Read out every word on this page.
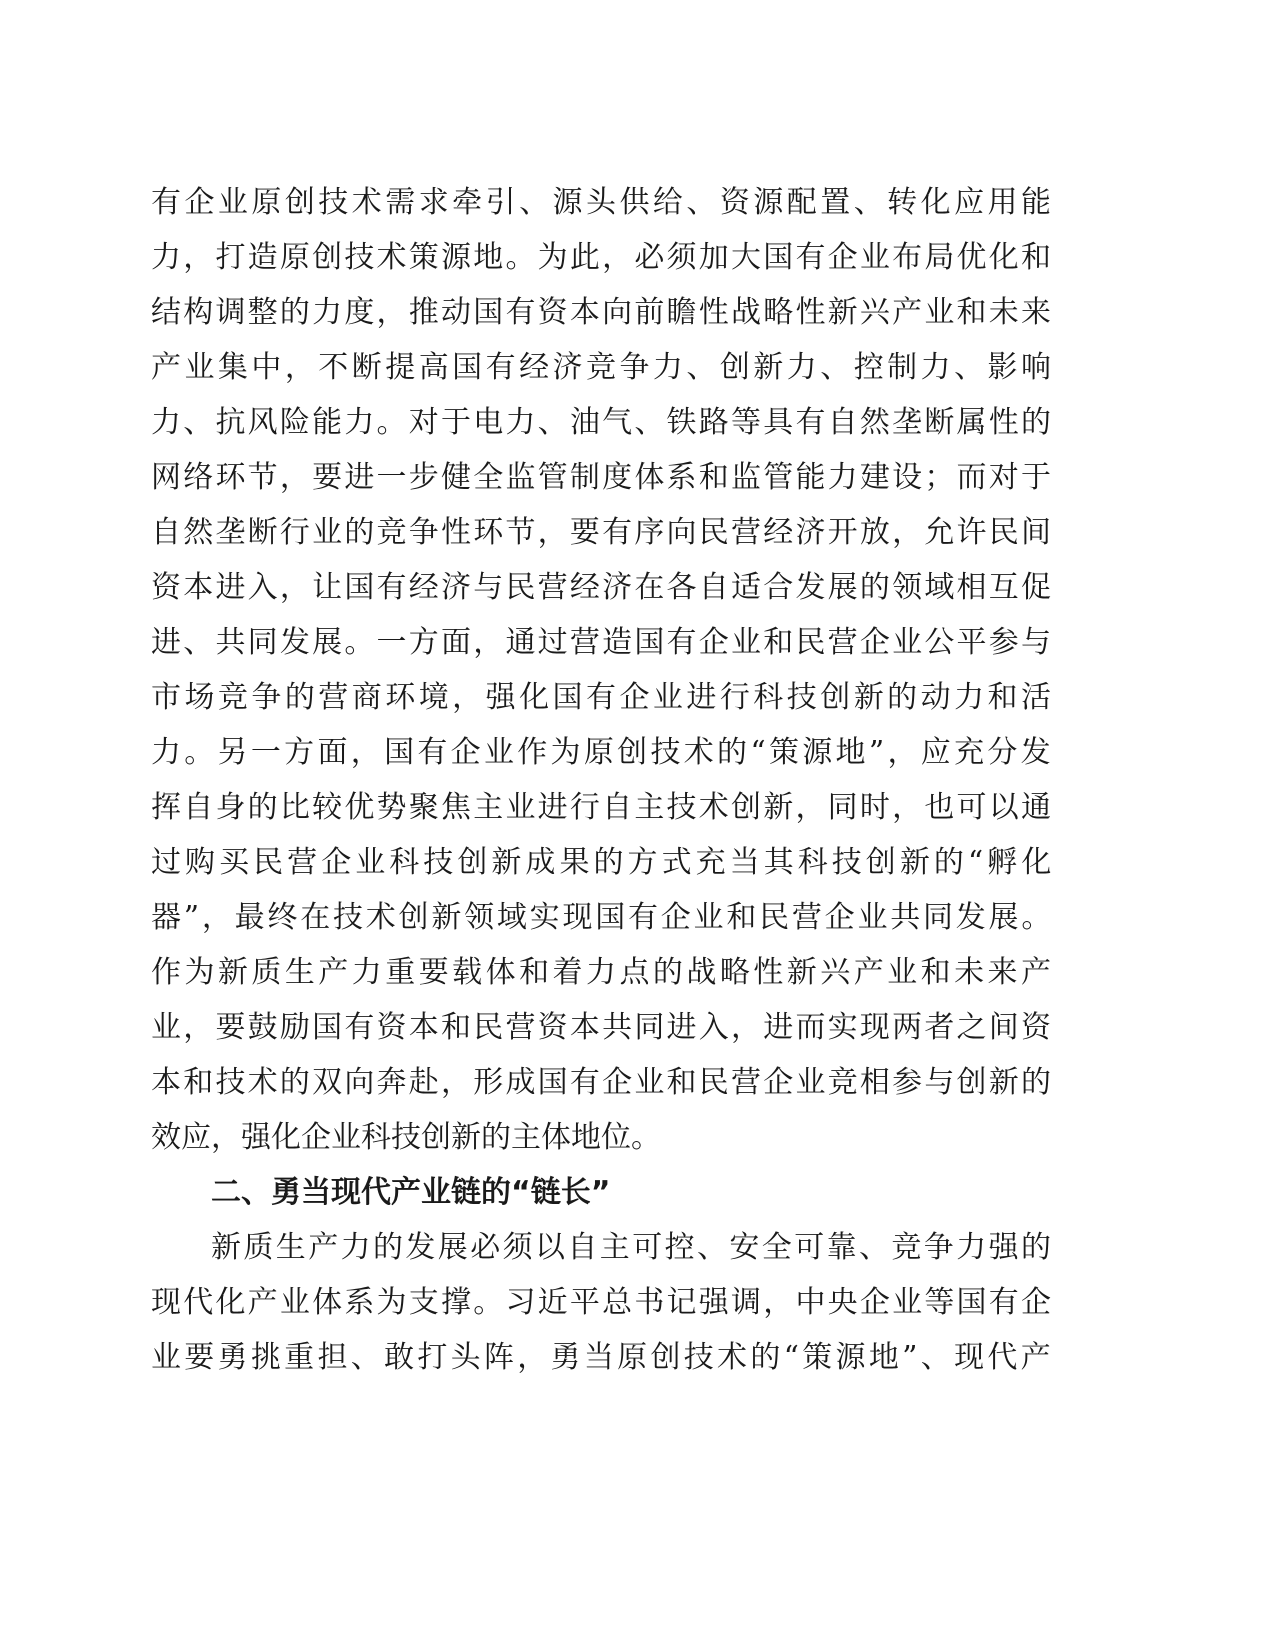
有企业原创技术需求牵引、源头供给、资源配置、转化应用能
力，打造原创技术策源地。为此，必须加大国有企业布局优化和
结构调整的力度，推动国有资本向前瞻性战略性新兴产业和未来
产业集中，不断提高国有经济竞争力、创新力、控制力、影响
力、抗风险能力。对于电力、油气、铁路等具有自然垄断属性的
网络环节，要进一步健全监管制度体系和监管能力建设；而对于
自然垄断行业的竞争性环节，要有序向民营经济开放，允许民间
资本进入，让国有经济与民营经济在各自适合发展的领域相互促
进、共同发展。一方面，通过营造国有企业和民营企业公平参与
市场竞争的营商环境，强化国有企业进行科技创新的动力和活
力。另一方面，国有企业作为原创技术的“策源地”，应充分发
挥自身的比较优势聚焦主业进行自主技术创新，同时，也可以通
过购买民营企业科技创新成果的方式充当其科技创新的“孵化
器”，最终在技术创新领域实现国有企业和民营企业共同发展。
作为新质生产力重要载体和着力点的战略性新兴产业和未来产
业，要鼓励国有资本和民营资本共同进入，进而实现两者之间资
本和技术的双向奔赴，形成国有企业和民营企业竞相参与创新的
效应，强化企业科技创新的主体地位。
二、勇当现代产业链的“链长”
新质生产力的发展必须以自主可控、安全可靠、竞争力强的
现代化产业体系为支撑。习近平总书记强调，中央企业等国有企
业要勇挑重担、敢打头阵，勇当原创技术的“策源地”、现代产
